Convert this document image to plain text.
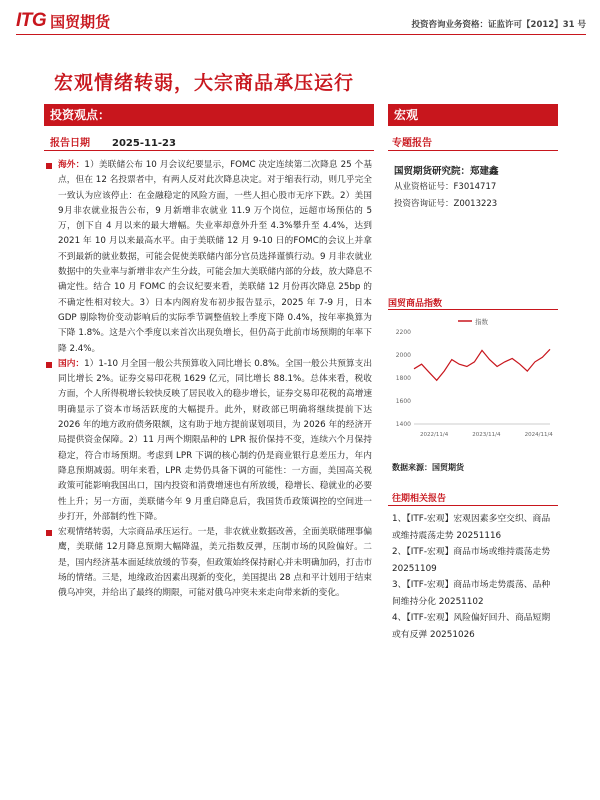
ITG 国贸期货	投资咨询业务资格：证监许可【2012】31 号
宏观情绪转弱，大宗商品承压运行
投资观点：
报告日期 2025-11-23
海外：1）美联储公布 10 月会议纪要显示，FOMC 决定连续第二次降息 25 个基点，但在 12 名投票者中，有两人反对此次降息决定。对于缩表行动，则几乎完全一致认为应该停止：在金融稳定的风险方面，一些人担心股市无序下跌。2）美国9月非农就业报告公布，9 月新增非农就业 11.9 万个岗位，远超市场预估的 5 万，创下自 4 月以来的最大增幅。失业率却意外升至 4.3%攀升至 4.4%，达到 2021 年 10 月以来最高水平。由于美联储 12 月 9-10 日的FOMC的会议上并拿不到最新的就业数据，可能会促使美联储内部分官员选择谨慎行动。9 月非农就业数据中的失业率与新增非农产生分歧，可能会加大美联储内部的分歧，放大降息不确定性。结合 10 月 FOMC 的会议纪要来看，美联储 12 月份再次降息 25bp 的不确定性相对较大。3）日本内阁府发布初步报告显示，2025 年 7-9 月，日本 GDP 剔除物价变动影响后的实际季节调整值较上季度下降 0.4%，按年率换算为下降 1.8%。这是六个季度以来首次出现负增长，但仍高于此前市场预期的年率下降 2.4%。
国内：1）1-10 月全国一般公共预算收入同比增长 0.8%。全国一般公共预算支出同比增长 2%。证券交易印花税 1629 亿元，同比增长 88.1%。总体来看，税收方面，个人所得税增长较快反映了居民收入的稳步增长，证券交易印花税的高增速明确显示了资本市场活跃度的大幅提升。此外，财政部已明确将继续提前下达 2026 年的地方政府债务限额，这有助于地方提前谋划项目，为 2026 年的经济开局提供资金保障。2）11 月两个期限品种的 LPR 报价保持不变，连续六个月保持稳定，符合市场预期。考虑到 LPR 下调的核心制约仍是商业银行息差压力，年内降息预期减弱。明年来看，LPR 走势仍具备下调的可能性：一方面，美国高关税政策可能影响我国出口，国内投资和消费增速也有所放缓，稳增长、稳就业的必要性上升；另一方面，美联储今年 9 月重启降息后，我国货币政策调控的空间进一步打开，外部制约性下降。
宏观情绪转弱，大宗商品承压运行。一是，非农就业数据改善，全面美联储理事偏鹰，美联储 12月降息预期大幅降温，美元指数反弹，压制市场的风险偏好。二是，国内经济基本面延续放缓的节奏，但政策始终保持耐心并未明确加码，打击市场的情绪。三是，地缘政治因素出现新的变化，美国提出 28 点和平计划用于结束俄乌冲突，并给出了最终的期限，可能对俄乌冲突未来走向带来新的变化。
宏观
专题报告
国贸期货研究院：郑建鑫
从业资格证号：F3014717
投资咨询证号：Z0013223
国贸商品指数
指数
1400
1600
1800
2000
2200
2022/11/4	2023/11/4	2024/11/4
数据来源：国贸期货
往期相关报告
1、【ITF-宏观】宏观因素多空交织、商品或维持震荡走势 20251116
2、【ITF-宏观】商品市场或维持震荡走势 20251109
3、【ITF-宏观】商品市场走势震荡、品种间维持分化 20251102
4、【ITF-宏观】风险偏好回升、商品短期或有反弹 20251026
